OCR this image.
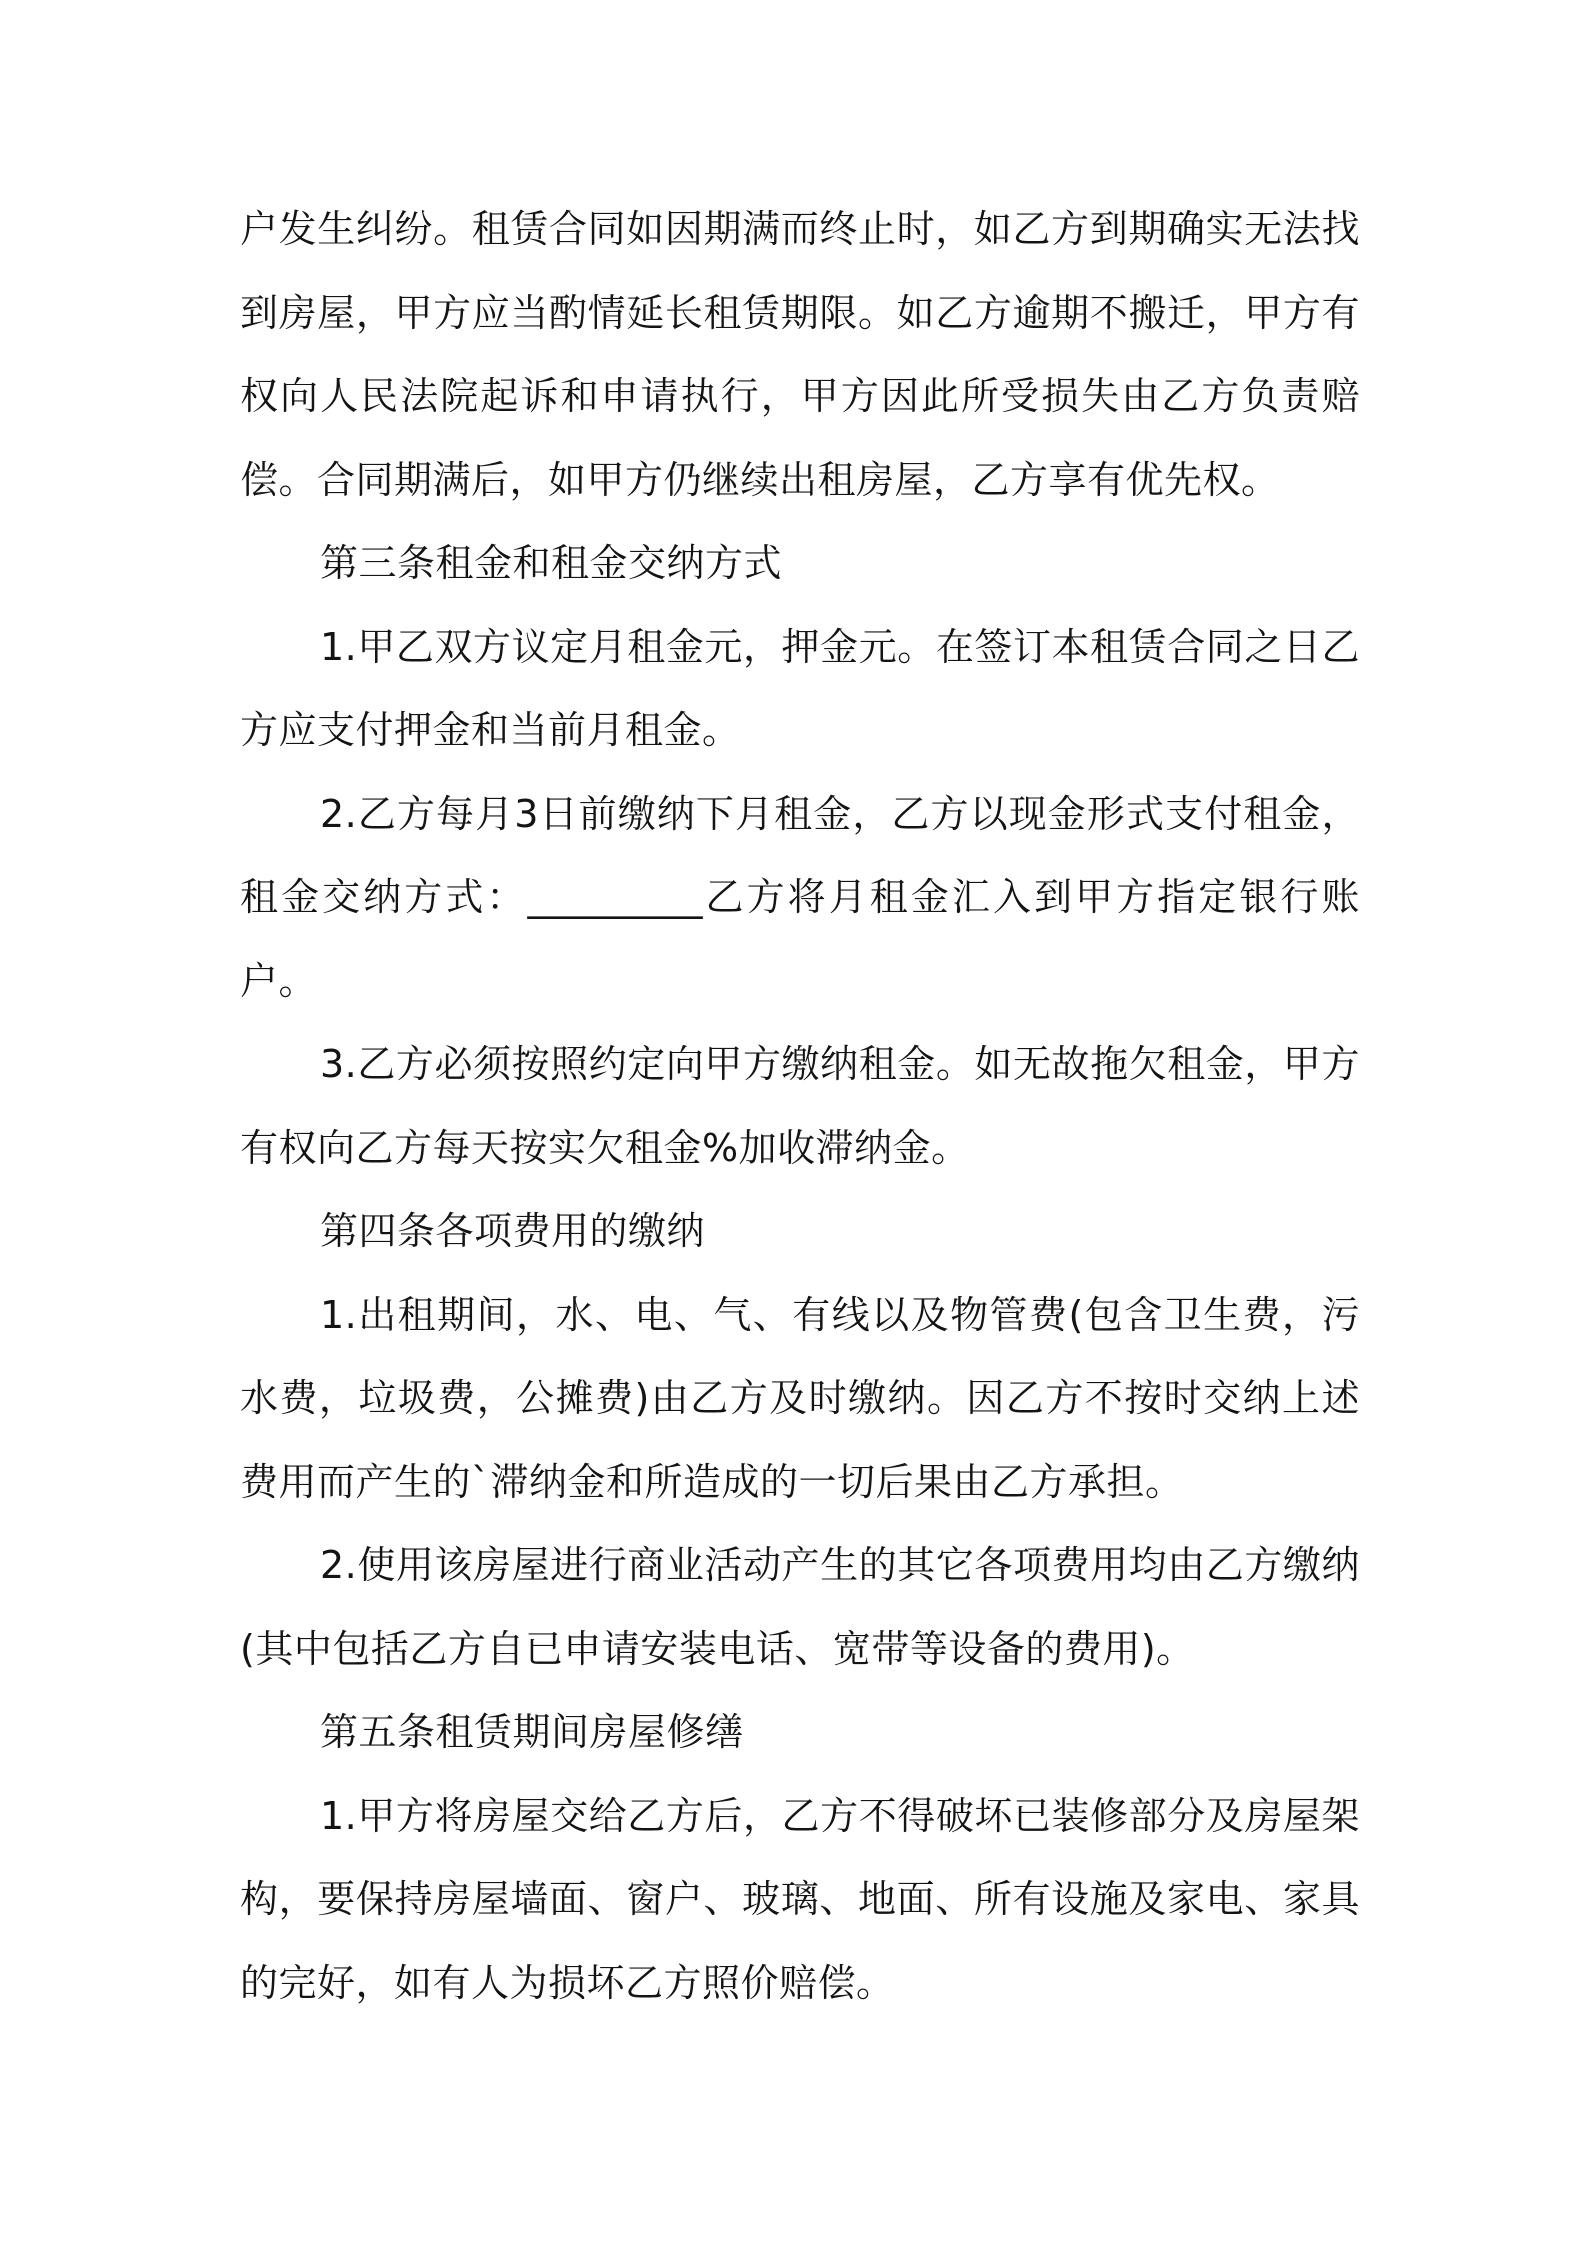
户发生纠纷。租赁合同如因期满而终止时，如乙方到期确实无法找到房屋，甲方应当酌情延长租赁期限。如乙方逾期不搬迁，甲方有权向人民法院起诉和申请执行，甲方因此所受损失由乙方负责赔偿。合同期满后，如甲方仍继续出租房屋，乙方享有优先权。

第三条租金和租金交纳方式

1.甲乙双方议定月租金元，押金元。在签订本租赁合同之日乙方应支付押金和当前月租金。

2.乙方每月3日前缴纳下月租金，乙方以现金形式支付租金，租金交纳方式：_________乙方将月租金汇入到甲方指定银行账户。

3.乙方必须按照约定向甲方缴纳租金。如无故拖欠租金，甲方有权向乙方每天按实欠租金%加收滞纳金。

第四条各项费用的缴纳

1.出租期间，水、电、气、有线以及物管费(包含卫生费，污水费，垃圾费，公摊费)由乙方及时缴纳。因乙方不按时交纳上述费用而产生的`滞纳金和所造成的一切后果由乙方承担。

2.使用该房屋进行商业活动产生的其它各项费用均由乙方缴纳(其中包括乙方自已申请安装电话、宽带等设备的费用)。

第五条租赁期间房屋修缮

1.甲方将房屋交给乙方后，乙方不得破坏已装修部分及房屋架构，要保持房屋墙面、窗户、玻璃、地面、所有设施及家电、家具的完好，如有人为损坏乙方照价赔偿。
